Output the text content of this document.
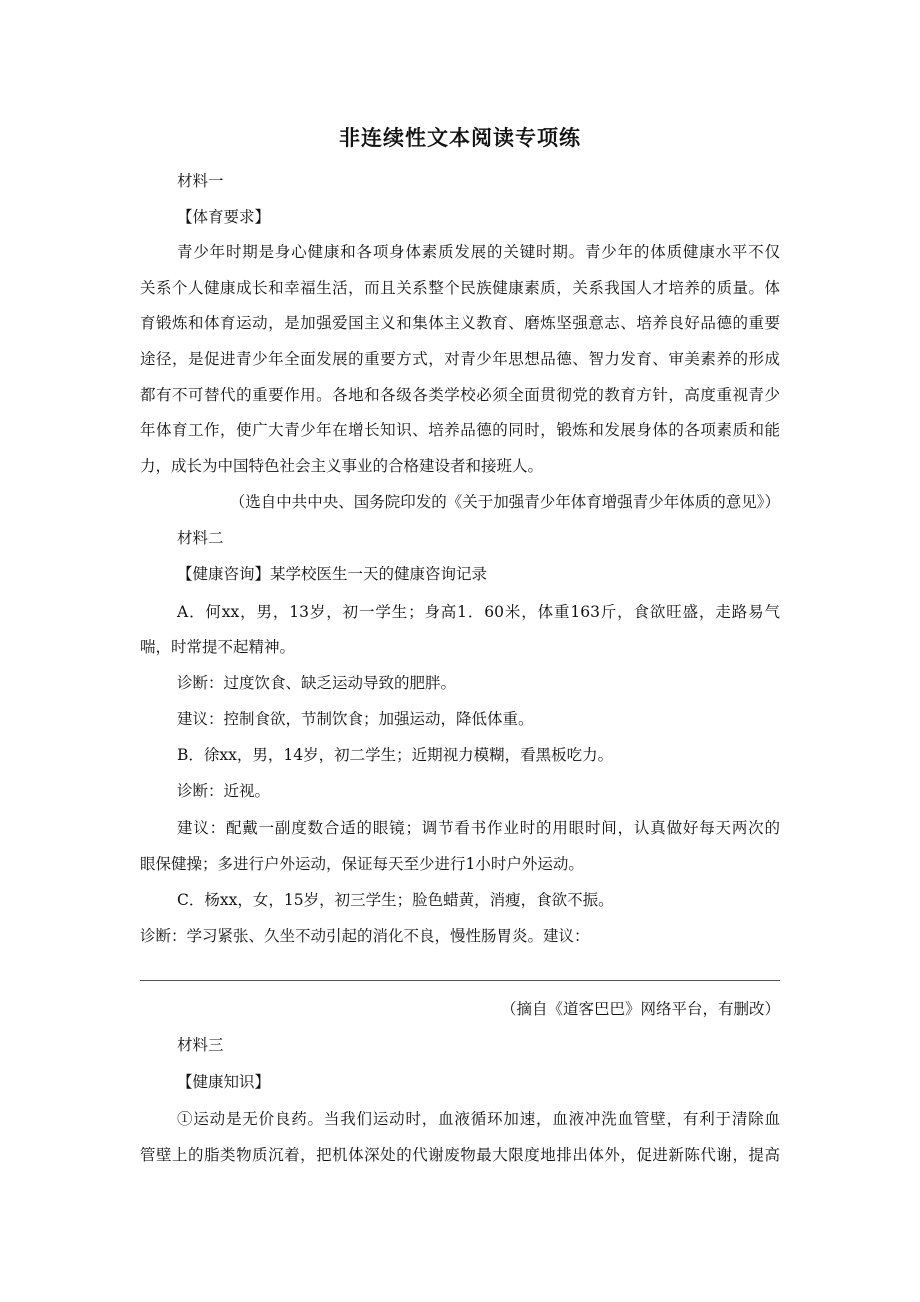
非连续性文本阅读专项练
材料一
【体育要求】
青少年时期是身心健康和各项身体素质发展的关键时期。青少年的体质健康水平不仅
关系个人健康成长和幸福生活，而且关系整个民族健康素质，关系我国人才培养的质量。体
育锻炼和体育运动，是加强爱国主义和集体主义教育、磨炼坚强意志、培养良好品德的重要
途径，是促进青少年全面发展的重要方式，对青少年思想品德、智力发育、审美素养的形成
都有不可替代的重要作用。各地和各级各类学校必须全面贯彻党的教育方针，高度重视青少
年体育工作，使广大青少年在增长知识、培养品德的同时，锻炼和发展身体的各项素质和能
力，成长为中国特色社会主义事业的合格建设者和接班人。
（选自中共中央、国务院印发的《关于加强青少年体育增强青少年体质的意见》）
材料二
【健康咨询】某学校医生一天的健康咨询记录
A．何xx，男，13岁，初一学生；身高1．60米，体重163斤，食欲旺盛，走路易气
喘，时常提不起精神。
诊断：过度饮食、缺乏运动导致的肥胖。
建议：控制食欲，节制饮食；加强运动，降低体重。
B．徐xx，男，14岁，初二学生；近期视力模糊，看黑板吃力。
诊断：近视。
建议：配戴一副度数合适的眼镜；调节看书作业时的用眼时间，认真做好每天两次的
眼保健操；多进行户外运动，保证每天至少进行1小时户外运动。
C．杨xx，女，15岁，初三学生；脸色蜡黄，消瘦，食欲不振。
诊断：学习紧张、久坐不动引起的消化不良，慢性肠胃炎。建议：
（摘自《道客巴巴》网络平台，有删改）
材料三
【健康知识】
①运动是无价良药。当我们运动时，血液循环加速，血液冲洗血管壁，有利于清除血
管壁上的脂类物质沉着，把机体深处的代谢废物最大限度地排出体外，促进新陈代谢，提高
